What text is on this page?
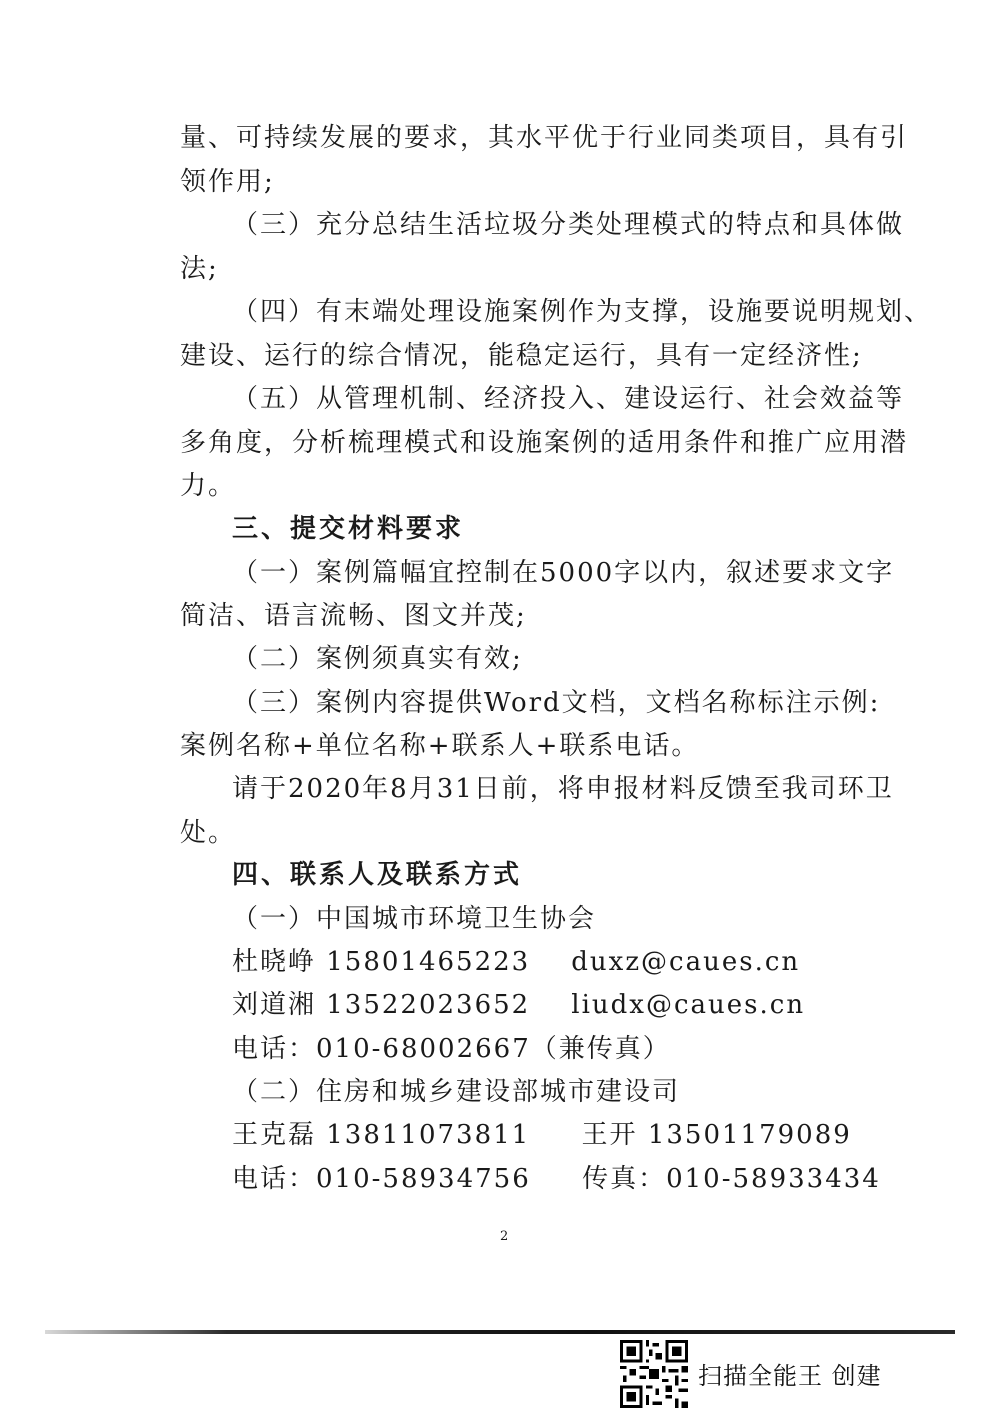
量、可持续发展的要求，其水平优于行业同类项目，具有引
领作用;
（三）充分总结生活垃圾分类处理模式的特点和具体做
法;
（四）有末端处理设施案例作为支撑，设施要说明规划、
建设、运行的综合情况，能稳定运行，具有一定经济性;
（五）从管理机制、经济投入、建设运行、社会效益等
多角度，分析梳理模式和设施案例的适用条件和推广应用潜
力。
三、提交材料要求
（一）案例篇幅宜控制在5000字以内，叙述要求文字
简洁、语言流畅、图文并茂;
（二）案例须真实有效;
（三）案例内容提供Word文档，文档名称标注示例:
案例名称+单位名称+联系人+联系电话。
请于2020年8月31日前，将申报材料反馈至我司环卫
处。
四、联系人及联系方式
（一）中国城市环境卫生协会
杜晓峥 15801465223    duxz@caues.cn
刘道湘 13522023652    liudx@caues.cn
电话：010-68002667（兼传真）
（二）住房和城乡建设部城市建设司
王克磊 13811073811     王开 13501179089
电话：010-58934756     传真：010-58933434
2
扫描全能王 创建
